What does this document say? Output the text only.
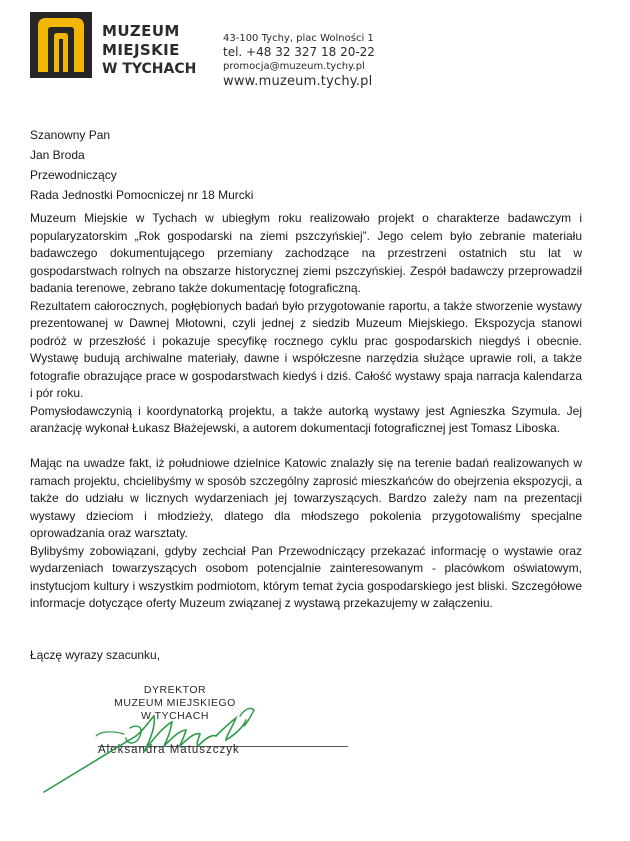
MUZEUM
MIEJSKIE
W TYCHACH
43-100 Tychy, plac Wolności 1
tel. +48 32 327 18 20-22
promocja@muzeum.tychy.pl
www.muzeum.tychy.pl
Szanowny Pan
Jan Broda
Przewodniczący
Rada Jednostki Pomocniczej nr 18 Murcki

Muzeum Miejskie w Tychach w ubiegłym roku realizowało projekt o charakterze badawczym i popularyzatorskim „Rok gospodarski na ziemi pszczyńskiej”. Jego celem było zebranie materiału badawczego dokumentującego przemiany zachodzące na przestrzeni ostatnich stu lat w gospodarstwach rolnych na obszarze historycznej ziemi pszczyńskiej. Zespół badawczy przeprowadził badania terenowe, zebrano także dokumentację fotograficzną.

Rezultatem całorocznych, pogłębionych badań było przygotowanie raportu, a także stworzenie wystawy prezentowanej w Dawnej Młotowni, czyli jednej z siedzib Muzeum Miejskiego. Ekspozycja stanowi podróż w przeszłość i pokazuje specyfikę rocznego cyklu prac gospodarskich niegdyś i obecnie. Wystawę budują archiwalne materiały, dawne i współczesne narzędzia służące uprawie roli, a także fotografie obrazujące prace w gospodarstwach kiedyś i dziś. Całość wystawy spaja narracja kalendarza i pór roku.

Pomysłodawczynią i koordynatorką projektu, a także autorką wystawy jest Agnieszka Szymula. Jej aranżację wykonał Łukasz Błażejewski, a autorem dokumentacji fotograficznej jest Tomasz Liboska.

Mając na uwadze fakt, iż południowe dzielnice Katowic znalazły się na terenie badań realizowanych w ramach projektu, chcielibyśmy w sposób szczególny zaprosić mieszkańców do obejrzenia ekspozycji, a także do udziału w licznych wydarzeniach jej towarzyszących. Bardzo zależy nam na prezentacji wystawy dzieciom i młodzieży, dlatego dla młodszego pokolenia przygotowaliśmy specjalne oprowadzania oraz warsztaty.

Bylibyśmy zobowiązani, gdyby zechciał Pan Przewodniczący przekazać informację o wystawie oraz wydarzeniach towarzyszących osobom potencjalnie zainteresowanym - placówkom oświatowym, instytucjom kultury i wszystkim podmiotom, którym temat życia gospodarskiego jest bliski. Szczegółowe informacje dotyczące oferty Muzeum związanej z wystawą przekazujemy w załączeniu.

Łączę wyrazy szacunku,
DYREKTOR
MUZEUM MIEJSKIEGO
W TYCHACH
Aleksandra Matuszczyk
